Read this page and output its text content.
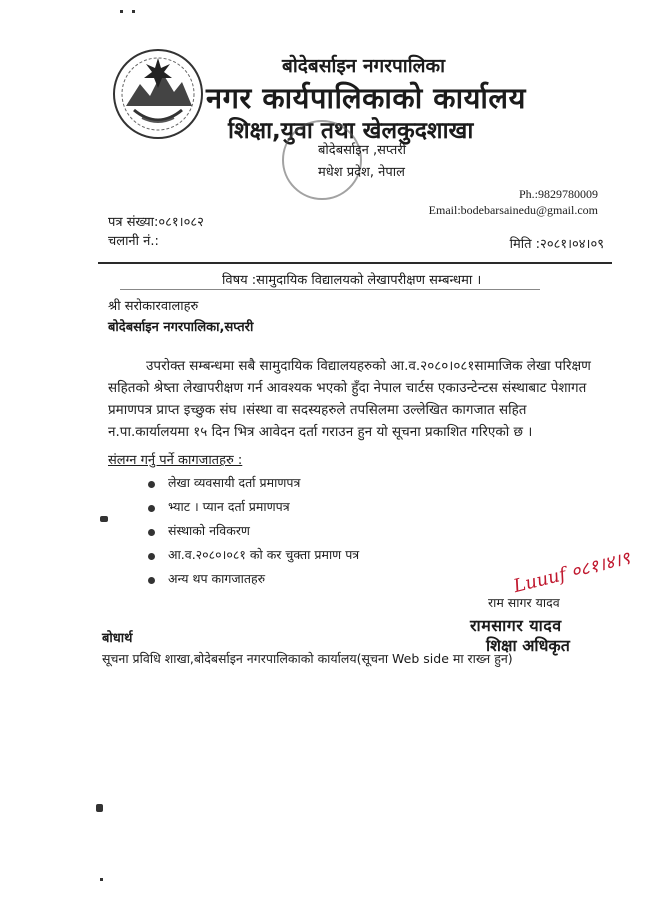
बोदेबर्साइन नगरपालिका
नगर कार्यपालिकाको कार्यालय
शिक्षा,युवा तथा खेलकुदशाखा
बोदेबर्साइन ,सप्तरी
मधेश प्रदेश, नेपाल
Ph.:9829780009
Email:bodebarsainedu@gmail.com
पत्र संख्या:०८१।०८२
चलानी नं.:	मिति :२०८१।०४।०९
विषय :सामुदायिक विद्यालयको लेखापरीक्षण सम्बन्धमा ।
श्री सरोकारवालाहरु
बोदेबर्साइन नगरपालिका,सप्तरी
उपरोक्त सम्बन्धमा सबै सामुदायिक विद्यालयहरुको आ.व.२०८०।०८१सामाजिक लेखा परिक्षण
सहितको श्रेष्ता लेखापरीक्षण गर्न आवश्यक भएको हुँदा नेपाल चार्टस एकाउन्टेन्टस संस्थाबाट पेशागत
प्रमाणपत्र प्राप्त इच्छुक संघ ।संस्था वा सदस्यहरुले तपसिलमा उल्लेखित कागजात सहित
न.पा.कार्यालयमा १५ दिन भित्र आवेदन दर्ता गराउन हुन यो सूचना प्रकाशित गरिएको छ ।
संलग्न गर्नु पर्ने कागजातहरु :
लेखा व्यवसायी दर्ता प्रमाणपत्र
भ्याट । प्यान दर्ता प्रमाणपत्र
संस्थाको नविकरण
आ.व.२०८०।०८१ को कर चुक्ता प्रमाण पत्र
अन्य थप कागजातहरु	Luuuf ०८१।४।९
राम सागर यादव
रामसागर यादव
शिक्षा अधिकृत
बोधार्थ
सूचना प्रविधि शाखा,बोदेबर्साइन नगरपालिकाको कार्यालय(सूचना Web side मा राख्न हुन)
